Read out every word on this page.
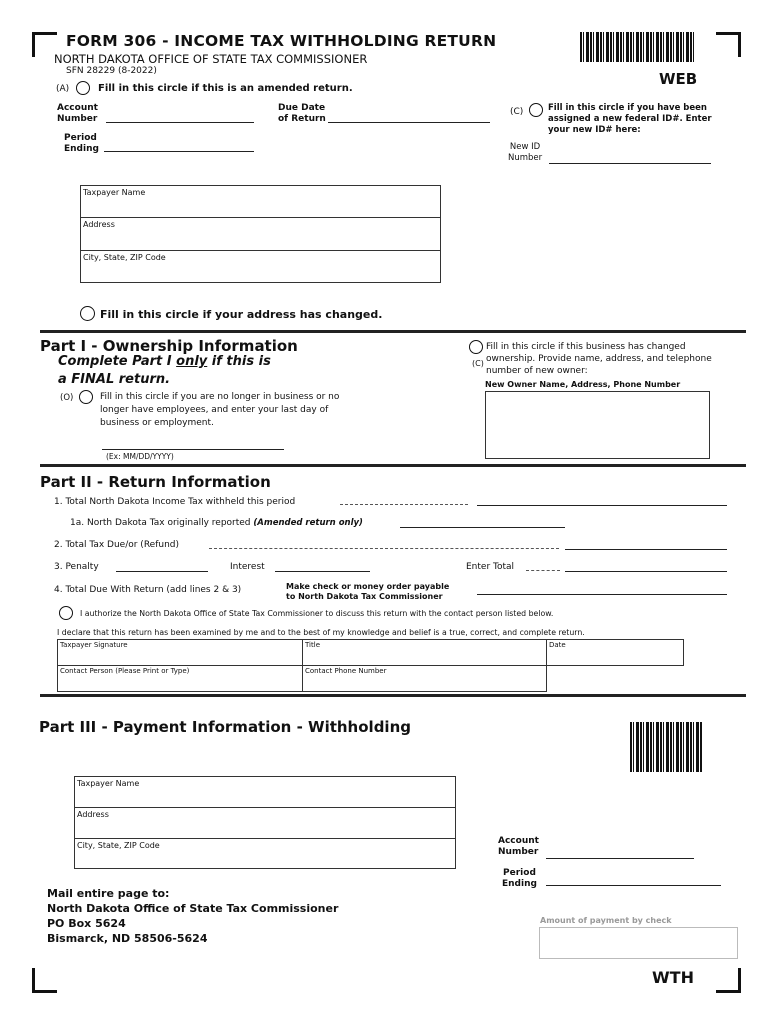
FORM 306 - INCOME TAX WITHHOLDING RETURN
NORTH DAKOTA OFFICE OF STATE TAX COMMISSIONER
SFN 28229 (8-2022)	WEB
(A)	Fill in this circle if this is an amended return.
Account
Number
Due Date
of Return
Period
Ending
(C)	Fill in this circle if you have been assigned a new federal ID#. Enter your new ID# here:
New ID
Number
Taxpayer Name
Address
City, State, ZIP Code
Fill in this circle if your address has changed.
Part I - Ownership Information
Complete Part I only if this is
a FINAL return.
(O)	Fill in this circle if you are no longer in business or no longer have employees, and enter your last day of business or employment.
(Ex: MM/DD/YYYY)
(C)
Fill in this circle if this business has changed ownership. Provide name, address, and telephone number of new owner:
New Owner Name, Address, Phone Number
Part II - Return Information
1. Total North Dakota Income Tax withheld this period
1a. North Dakota Tax originally reported (Amended return only)
2. Total Tax Due/or (Refund)
3. Penalty	Interest	Enter Total
4. Total Due With Return (add lines 2 & 3)	Make check or money order payable
to North Dakota Tax Commissioner
I authorize the North Dakota Office of State Tax Commissioner to discuss this return with the contact person listed below.
I declare that this return has been examined by me and to the best of my knowledge and belief is a true, correct, and complete return.
Taxpayer Signature	Title	Date
Contact Person (Please Print or Type)	Contact Phone Number
Part III - Payment Information - Withholding
Taxpayer Name
Address
City, State, ZIP Code	Account
Number
Period
Ending
Mail entire page to:
North Dakota Office of State Tax Commissioner
PO Box 5624
Bismarck, ND 58506-5624
Amount of payment by check
WTH
